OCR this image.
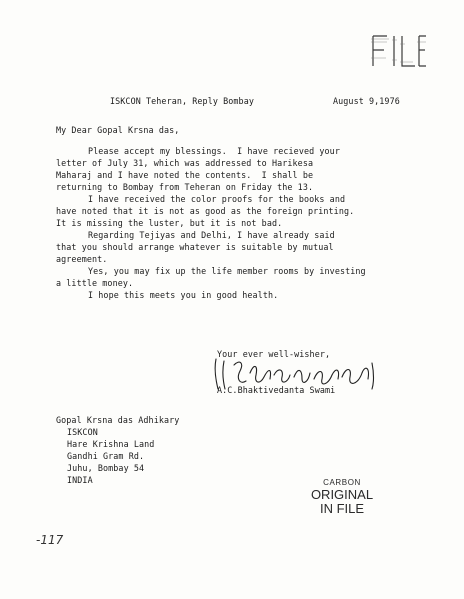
ISKCON Teheran, Reply Bombay	August 9,1976
My Dear Gopal Krsna das,
Please accept my blessings.  I have recieved your
letter of July 31, which was addressed to Harikesa
Maharaj and I have noted the contents.  I shall be
returning to Bombay from Teheran on Friday the 13.
I have received the color proofs for the books and
have noted that it is not as good as the foreign printing.
It is missing the luster, but it is not bad.
Regarding Tejiyas and Delhi, I have already said
that you should arrange whatever is suitable by mutual
agreement.
Yes, you may fix up the life member rooms by investing
a little money.
I hope this meets you in good health.
Your ever well-wisher,
A.C.Bhaktivedanta Swami
Gopal Krsna das Adhikary
ISKCON
Hare Krishna Land
Gandhi Gram Rd.
Juhu, Bombay 54
INDIA	CARBON
ORIGINAL
IN FILE
-117
